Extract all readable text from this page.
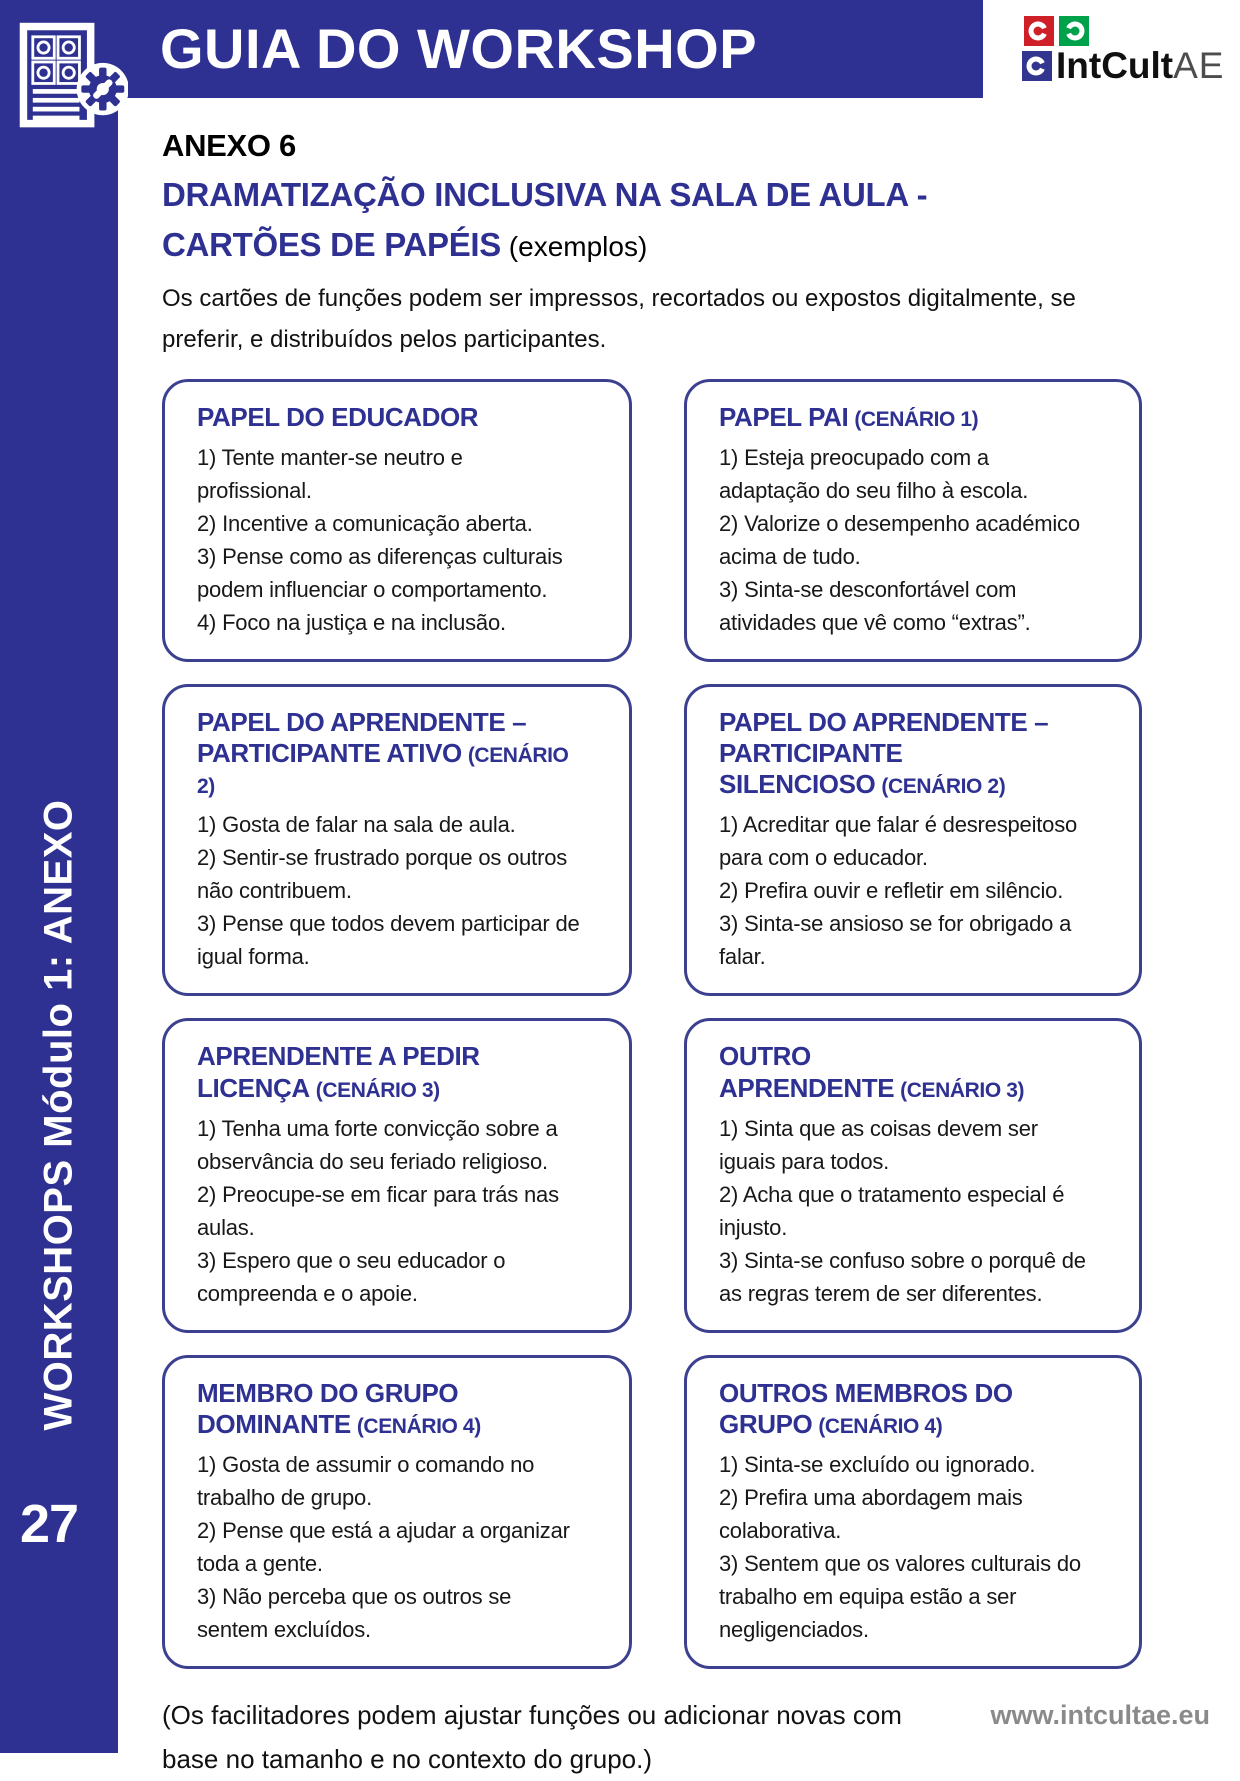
WORKSHOPS Módulo 1: ANEXO
27
GUIA DO WORKSHOP	IntCultAE
ANEXO 6
DRAMATIZAÇÃO INCLUSIVA NA SALA DE AULA -
CARTÕES DE PAPÉIS (exemplos)

Os cartões de funções podem ser impressos, recortados ou expostos digitalmente, se preferir, e distribuídos pelos participantes.

PAPEL DO EDUCADOR

1) Tente manter-se neutro e profissional.

2) Incentive a comunicação aberta.

3) Pense como as diferenças culturais podem influenciar o comportamento.

4) Foco na justiça e na inclusão.

PAPEL PAI (CENÁRIO 1)

1) Esteja preocupado com a adaptação do seu filho à escola.

2) Valorize o desempenho académico acima de tudo.

3) Sinta-se desconfortável com atividades que vê como “extras”.

PAPEL DO APRENDENTE – PARTICIPANTE ATIVO (CENÁRIO 2)

1) Gosta de falar na sala de aula.

2) Sentir-se frustrado porque os outros não contribuem.

3) Pense que todos devem participar de igual forma.

PAPEL DO APRENDENTE – PARTICIPANTE SILENCIOSO (CENÁRIO 2)

1) Acreditar que falar é desrespeitoso para com o educador.

2) Prefira ouvir e refletir em silêncio.

3) Sinta-se ansioso se for obrigado a falar.

APRENDENTE A PEDIR LICENÇA (CENÁRIO 3)

1) Tenha uma forte convicção sobre a observância do seu feriado religioso.

2) Preocupe-se em ficar para trás nas aulas.

3) Espero que o seu educador o compreenda e o apoie.

OUTRO APRENDENTE (CENÁRIO 3)

1) Sinta que as coisas devem ser iguais para todos.

2) Acha que o tratamento especial é injusto.

3) Sinta-se confuso sobre o porquê de as regras terem de ser diferentes.

MEMBRO DO GRUPO DOMINANTE (CENÁRIO 4)

1) Gosta de assumir o comando no trabalho de grupo.

2) Pense que está a ajudar a organizar toda a gente.

3) Não perceba que os outros se sentem excluídos.

OUTROS MEMBROS DO GRUPO (CENÁRIO 4)

1) Sinta-se excluído ou ignorado.

2) Prefira uma abordagem mais colaborativa.

3) Sentem que os valores culturais do trabalho em equipa estão a ser negligenciados.

(Os facilitadores podem ajustar funções ou adicionar novas com base no tamanho e no contexto do grupo.)

www.intcultae.eu
